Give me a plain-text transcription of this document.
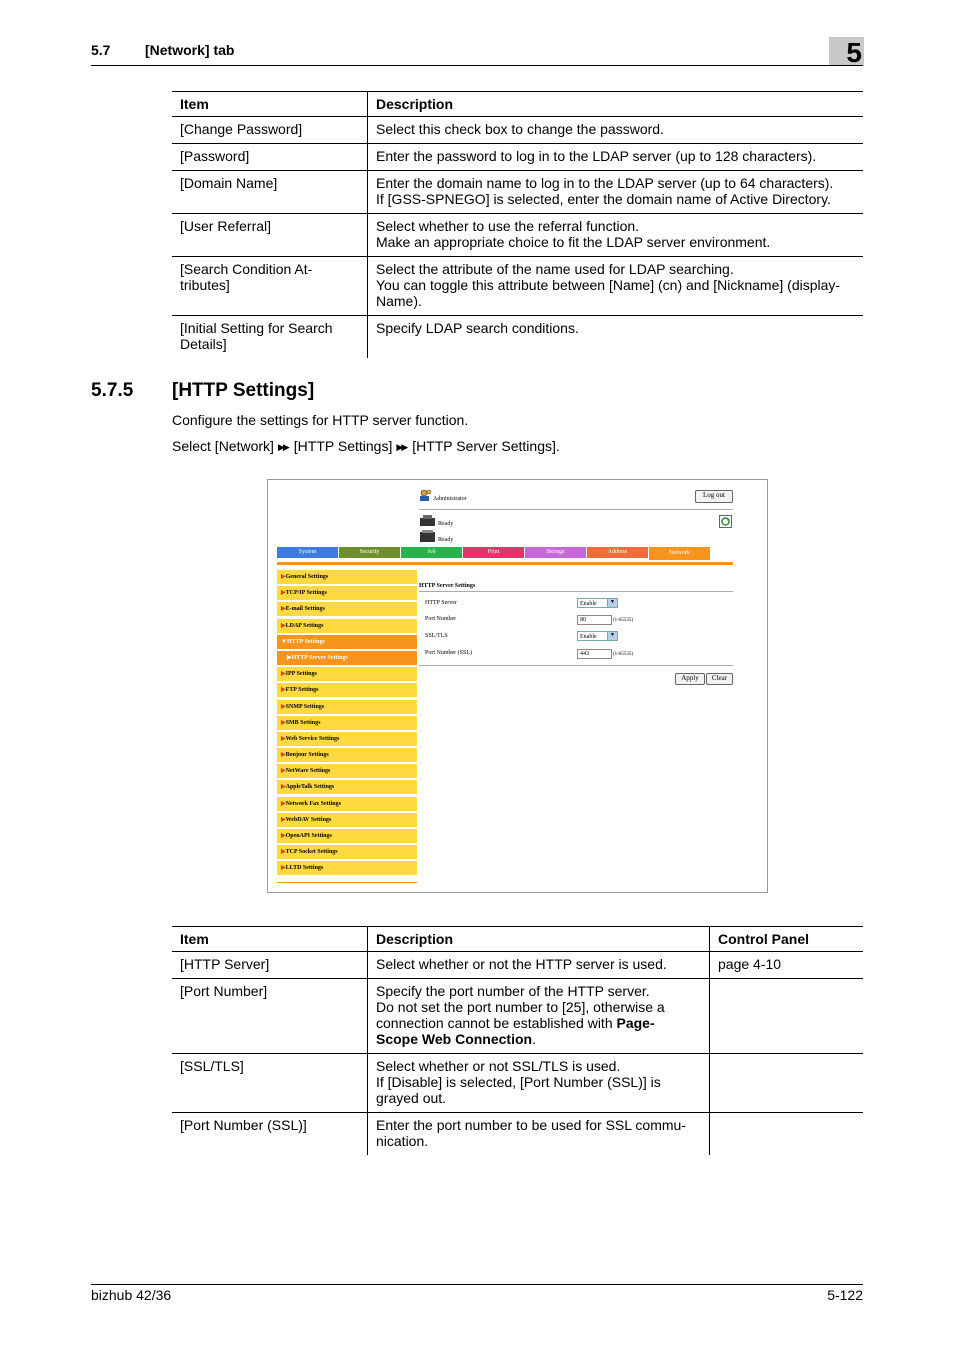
5.7 [Network] tab	5
Item	Description
[Change Password]	Select this check box to change the password.

[Password]	Enter the password to log in to the LDAP server (up to 128 characters).

[Domain Name]	Enter the domain name to log in to the LDAP server (up to 64 characters).
If [GSS-SPNEGO] is selected, enter the domain name of Active Directory.

[User Referral]	Select whether to use the referral function.
Make an appropriate choice to fit the LDAP server environment.

[Search Condition At-
tributes]	Select the attribute of the name used for LDAP searching.
You can toggle this attribute between [Name] (cn) and [Nickname] (display-
Name).

[Initial Setting for Search
Details]	Specify LDAP search conditions.
5.7.5 [HTTP Settings]
Configure the settings for HTTP server function.
Select [Network] ▶▶ [HTTP Settings] ▶▶ [HTTP Server Settings].
Administrator	Log out
Ready
Ready
System	Security	Job	Print	Storage	Address	Network
▶General Settings
▶TCP/IP Settings
▶E-mail Settings
▶LDAP Settings
▼HTTP Settings
▶HTTP Server Settings
▶IPP Settings
▶FTP Settings
▶SNMP Settings
▶SMB Settings
▶Web Service Settings
▶Bonjour Settings
▶NetWare Settings
▶AppleTalk Settings
▶Network Fax Settings
▶WebDAV Settings
▶OpenAPI Settings
▶TCP Socket Settings
▶LLTD Settings
HTTP Server Settings
HTTP Server	Enable	▼
Port Number	80	(1-65535)
SSL/TLS	Enable	▼
Port Number (SSL)	443	(1-65535)
Apply	Clear
Item	Description	Control Panel
[HTTP Server]	Select whether or not the HTTP server is used.	page 4-10
[Port Number]	Specify the port number of the HTTP server.
Do not set the port number to [25], otherwise a
connection cannot be established with Page-
Scope Web Connection.	

[SSL/TLS]	Select whether or not SSL/TLS is used.
If [Disable] is selected, [Port Number (SSL)] is
grayed out.	

[Port Number (SSL)]	Enter the port number to be used for SSL commu-
nication.	

bizhub 42/36	5-122
